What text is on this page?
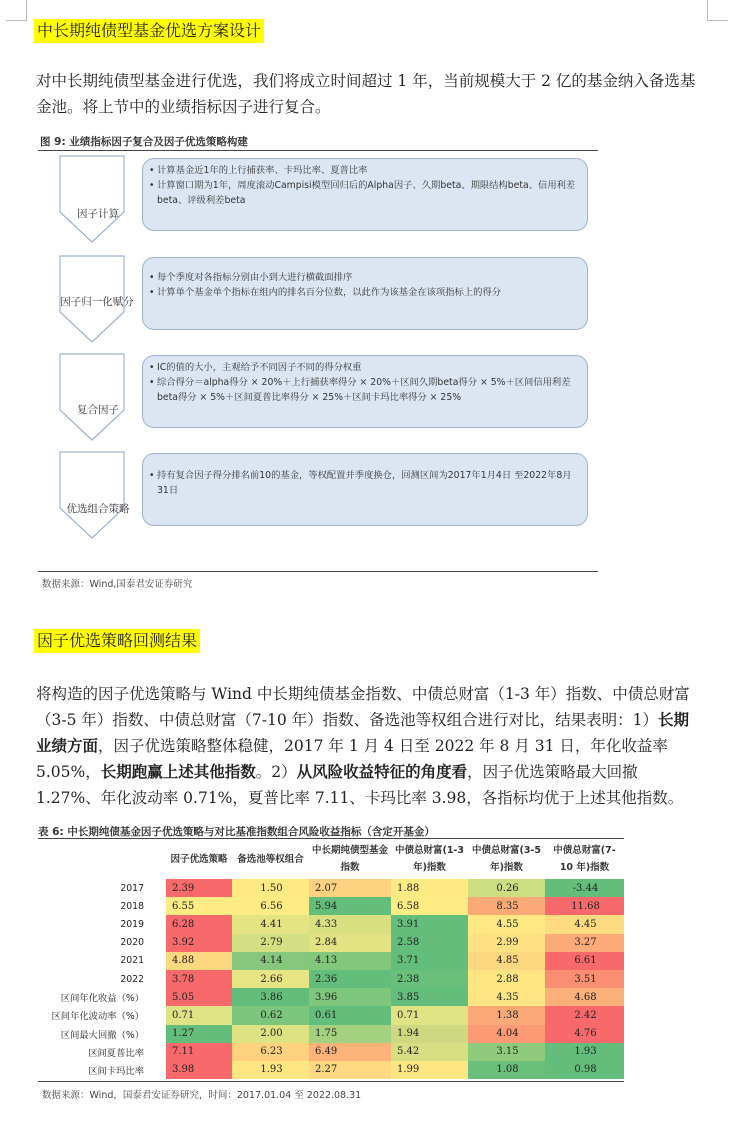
中长期纯债型基金优选方案设计

对中长期纯债型基金进行优选，我们将成立时间超过 1 年，当前规模大于 2 亿的基金纳入备选基金池。将上节中的业绩指标因子进行复合。

图 9: 业绩指标因子复合及因子优选策略构建
因子计算
因子归一化赋分
复合因子
优选组合策略
• 计算基金近1年的上行捕获率、卡玛比率、夏普比率
• 计算窗口期为1年，周度滚动Campisi模型回归后的Alpha因子、久期beta、期限结构beta、信用利差beta、评级利差beta
• 每个季度对各指标分别由小到大进行横截面排序
• 计算单个基金单个指标在组内的排名百分位数，以此作为该基金在该项指标上的得分
• IC的值的大小，主观给予不同因子不同的得分权重
• 综合得分＝alpha得分 × 20%＋上行捕获率得分 × 20%＋区间久期beta得分 × 5%＋区间信用利差beta得分 × 5%＋区间夏普比率得分 × 25%＋区间卡玛比率得分 × 25%
• 持有复合因子得分排名前10的基金，等权配置并季度换仓，回测区间为2017年1月4日 至2022年8月31日
数据来源：Wind,国泰君安证券研究
因子优选策略回测结果

将构造的因子优选策略与 Wind 中长期纯债基金指数、中债总财富（1-3 年）指数、中债总财富（3-5 年）指数、中债总财富（7-10 年）指数、备选池等权组合进行对比，结果表明：1）长期业绩方面，因子优选策略整体稳健，2017 年 1 月 4 日至 2022 年 8 月 31 日，年化收益率 5.05%，长期跑赢上述其他指数。2）从风险收益特征的角度看，因子优选策略最大回撤 1.27%、年化波动率 0.71%，夏普比率 7.11、卡玛比率 3.98，各指标均优于上述其他指数。

表 6: 中长期纯债基金因子优选策略与对比基准指数组合风险收益指标（含定开基金）
	因子优选策略	备选池等权组合	中长期纯债型基金指数	中债总财富(1-3 年)指数	中债总财富(3-5 年)指数	中债总财富(7-10 年)指数
2017	2.39	1.50	2.07	1.88	0.26	-3.44
2018	6.55	6.56	5.94	6.58	8.35	11.68
2019	6.28	4.41	4.33	3.91	4.55	4.45
2020	3.92	2.79	2.84	2.58	2.99	3.27
2021	4.88	4.14	4.13	3.71	4.85	6.61
2022	3.78	2.66	2.36	2.38	2.88	3.51
区间年化收益（%）	5.05	3.86	3.96	3.85	4.35	4.68
区间年化波动率（%）	0.71	0.62	0.61	0.71	1.38	2.42
区间最大回撤（%）	1.27	2.00	1.75	1.94	4.04	4.76
区间夏普比率	7.11	6.23	6.49	5.42	3.15	1.93
区间卡玛比率	3.98	1.93	2.27	1.99	1.08	0.98
数据来源：Wind，国泰君安证券研究，时间：2017.01.04 至 2022.08.31
